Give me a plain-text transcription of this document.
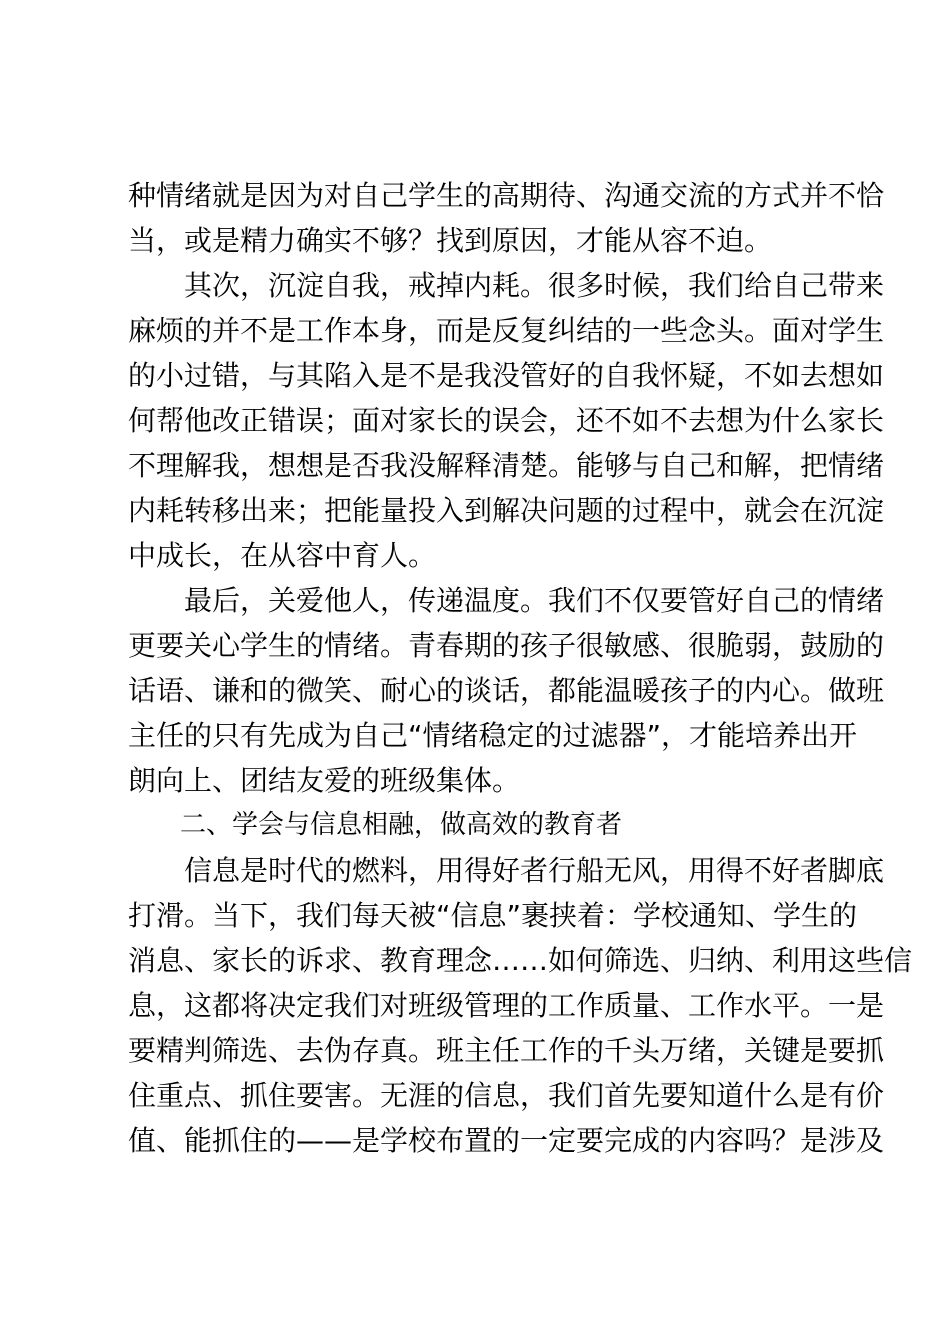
种情绪就是因为对自己学生的高期待、沟通交流的方式并不恰
当，或是精力确实不够？找到原因，才能从容不迫。
　　其次，沉淀自我，戒掉内耗。很多时候，我们给自己带来
麻烦的并不是工作本身，而是反复纠结的一些念头。面对学生
的小过错，与其陷入是不是我没管好的自我怀疑，不如去想如
何帮他改正错误；面对家长的误会，还不如不去想为什么家长
不理解我，想想是否我没解释清楚。能够与自己和解，把情绪
内耗转移出来；把能量投入到解决问题的过程中，就会在沉淀
中成长，在从容中育人。
　　最后，关爱他人，传递温度。我们不仅要管好自己的情绪
更要关心学生的情绪。青春期的孩子很敏感、很脆弱，鼓励的
话语、谦和的微笑、耐心的谈话，都能温暖孩子的内心。做班
主任的只有先成为自己“情绪稳定的过滤器”，才能培养出开
朗向上、团结友爱的班级集体。
　　二、学会与信息相融，做高效的教育者
　　信息是时代的燃料，用得好者行船无风，用得不好者脚底
打滑。当下，我们每天被“信息”裹挟着：学校通知、学生的
消息、家长的诉求、教育理念……如何筛选、归纳、利用这些信
息，这都将决定我们对班级管理的工作质量、工作水平。一是
要精判筛选、去伪存真。班主任工作的千头万绪，关键是要抓
住重点、抓住要害。无涯的信息，我们首先要知道什么是有价
值、能抓住的——是学校布置的一定要完成的内容吗？是涉及
